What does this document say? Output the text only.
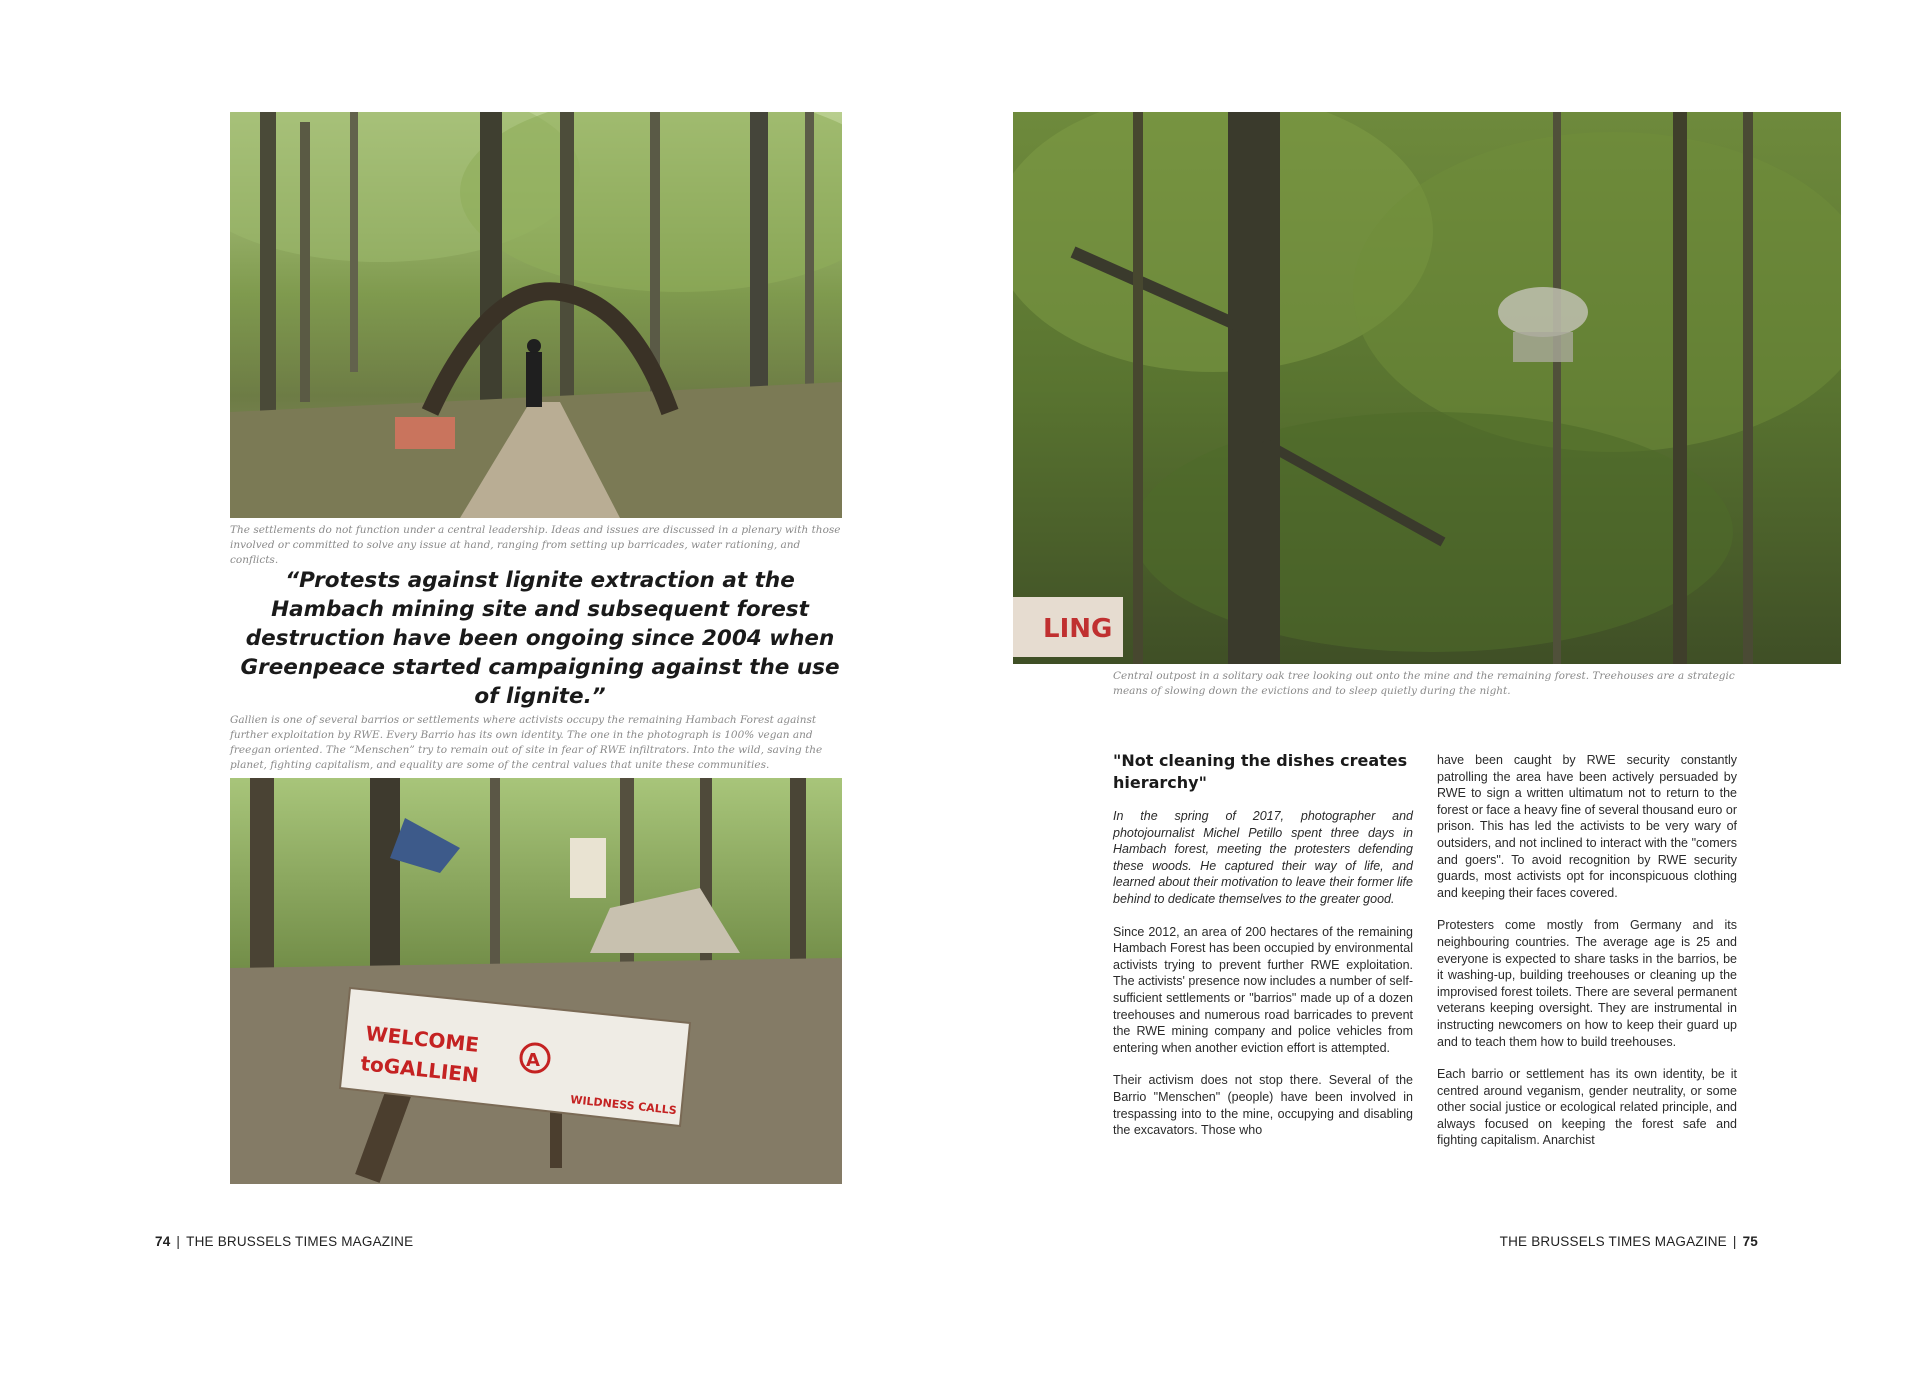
The settlements do not function under a central leadership. Ideas and issues are discussed in a plenary with those involved or committed to solve any issue at hand, ranging from setting up barricades, water rationing, and conflicts.

“Protests against lignite extraction at the Hambach mining site and subsequent forest destruction have been ongoing since 2004 when Greenpeace started campaigning against the use of lignite.”

Gallien is one of several barrios or settlements where activists occupy the remaining Hambach Forest against further exploitation by RWE. Every Barrio has its own identity. The one in the photograph is 100% vegan and freegan oriented. The “Menschen” try to remain out of site in fear of RWE infiltrators. Into the wild, saving the planet, fighting capitalism, and equality are some of the central values that unite these communities.

WELCOME
toGALLIEN	A
WILDNESS CALLS
74 | THE BRUSSELS TIMES MAGAZINE
LING

Central outpost in a solitary oak tree looking out onto the mine and the remaining forest. Treehouses are a strategic means of slowing down the evictions and to sleep quietly during the night.

"Not cleaning the dishes creates hierarchy"

In the spring of 2017, photographer and photojournalist Michel Petillo spent three days in Hambach forest, meeting the protesters defending these woods. He captured their way of life, and learned about their motivation to leave their former life behind to dedicate themselves to the greater good.

Since 2012, an area of 200 hectares of the remaining Hambach Forest has been occupied by environmental activists trying to prevent further RWE exploitation. The activists' presence now includes a number of self-sufficient settlements or "barrios" made up of a dozen treehouses and numerous road barricades to prevent the RWE mining company and police vehicles from entering when another eviction effort is attempted.

Their activism does not stop there. Several of the Barrio "Menschen" (people) have been involved in trespassing into to the mine, occupying and disabling the excavators. Those who

have been caught by RWE security constantly patrolling the area have been actively persuaded by RWE to sign a written ultimatum not to return to the forest or face a heavy fine of several thousand euro or prison. This has led the activists to be very wary of outsiders, and not inclined to interact with the "comers and goers". To avoid recognition by RWE security guards, most activists opt for inconspicuous clothing and keeping their faces covered.

Protesters come mostly from Germany and its neighbouring countries. The average age is 25 and everyone is expected to share tasks in the barrios, be it washing-up, building treehouses or cleaning up the improvised forest toilets. There are several permanent veterans keeping oversight. They are instrumental in instructing newcomers on how to keep their guard up and to teach them how to build treehouses.

Each barrio or settlement has its own identity, be it centred around veganism, gender neutrality, or some other social justice or ecological related principle, and always focused on keeping the forest safe and fighting capitalism. Anarchist

THE BRUSSELS TIMES MAGAZINE | 75
